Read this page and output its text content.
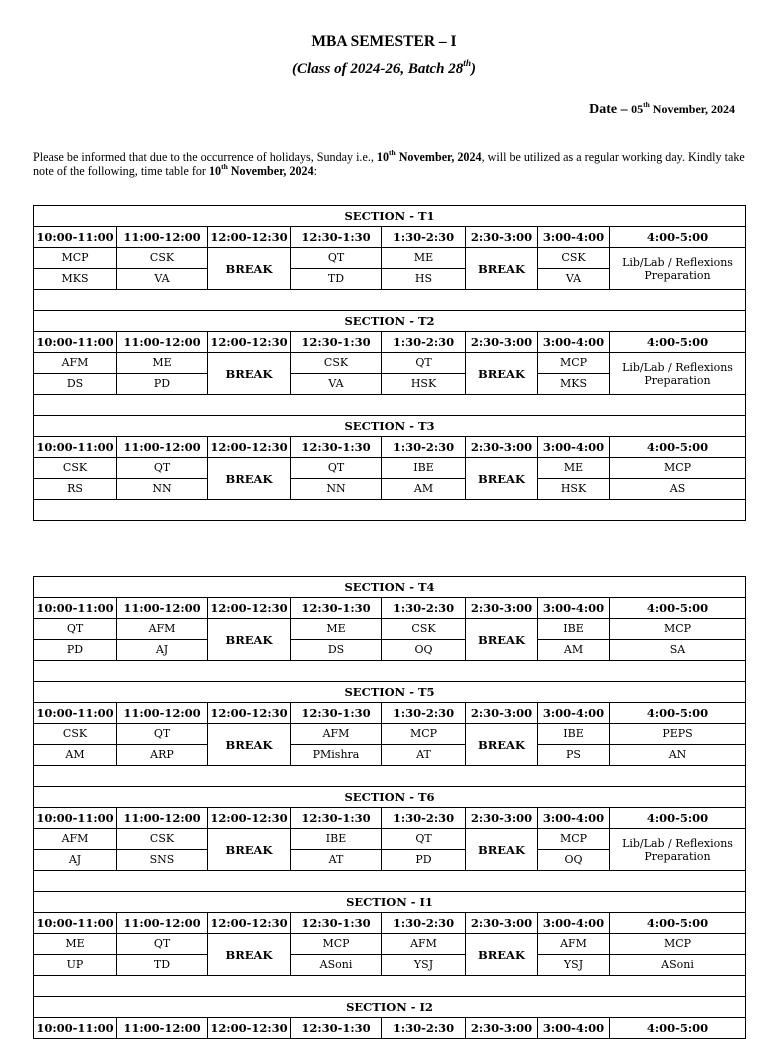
MBA SEMESTER – I
(Class of 2024-26, Batch 28th)
Date – 05th November, 2024
Please be informed that due to the occurrence of holidays, Sunday i.e., 10th November, 2024, will be utilized as a regular working day. Kindly take note of the following, time table for 10th November, 2024:
SECTION - T1							
10:00-11:00	11:00-12:00	12:00-12:30	12:30-1:30	1:30-2:30	2:30-3:00	3:00-4:00	4:00-5:00
MCP	CSK	BREAK	QT	ME	BREAK	CSK	Lib/Lab / Reflexions Preparation
MKS	VA		TD	HS		VA	

SECTION - T2							
10:00-11:00	11:00-12:00	12:00-12:30	12:30-1:30	1:30-2:30	2:30-3:00	3:00-4:00	4:00-5:00
AFM	ME	BREAK	CSK	QT	BREAK	MCP	Lib/Lab / Reflexions Preparation
DS	PD		VA	HSK		MKS	

SECTION - T3							
10:00-11:00	11:00-12:00	12:00-12:30	12:30-1:30	1:30-2:30	2:30-3:00	3:00-4:00	4:00-5:00
CSK	QT	BREAK	QT	IBE	BREAK	ME	MCP
RS	NN		NN	AM		HSK	AS

SECTION - T4							
10:00-11:00	11:00-12:00	12:00-12:30	12:30-1:30	1:30-2:30	2:30-3:00	3:00-4:00	4:00-5:00
QT	AFM	BREAK	ME	CSK	BREAK	IBE	MCP
PD	AJ		DS	OQ		AM	SA

SECTION - T5							
10:00-11:00	11:00-12:00	12:00-12:30	12:30-1:30	1:30-2:30	2:30-3:00	3:00-4:00	4:00-5:00
CSK	QT	BREAK	AFM	MCP	BREAK	IBE	PEPS
AM	ARP		PMishra	AT		PS	AN

SECTION - T6							
10:00-11:00	11:00-12:00	12:00-12:30	12:30-1:30	1:30-2:30	2:30-3:00	3:00-4:00	4:00-5:00
AFM	CSK	BREAK	IBE	QT	BREAK	MCP	Lib/Lab / Reflexions Preparation
AJ	SNS		AT	PD		OQ	

SECTION - I1							
10:00-11:00	11:00-12:00	12:00-12:30	12:30-1:30	1:30-2:30	2:30-3:00	3:00-4:00	4:00-5:00
ME	QT	BREAK	MCP	AFM	BREAK	AFM	MCP
UP	TD		ASoni	YSJ		YSJ	ASoni

SECTION - I2							
10:00-11:00	11:00-12:00	12:00-12:30	12:30-1:30	1:30-2:30	2:30-3:00	3:00-4:00	4:00-5:00
